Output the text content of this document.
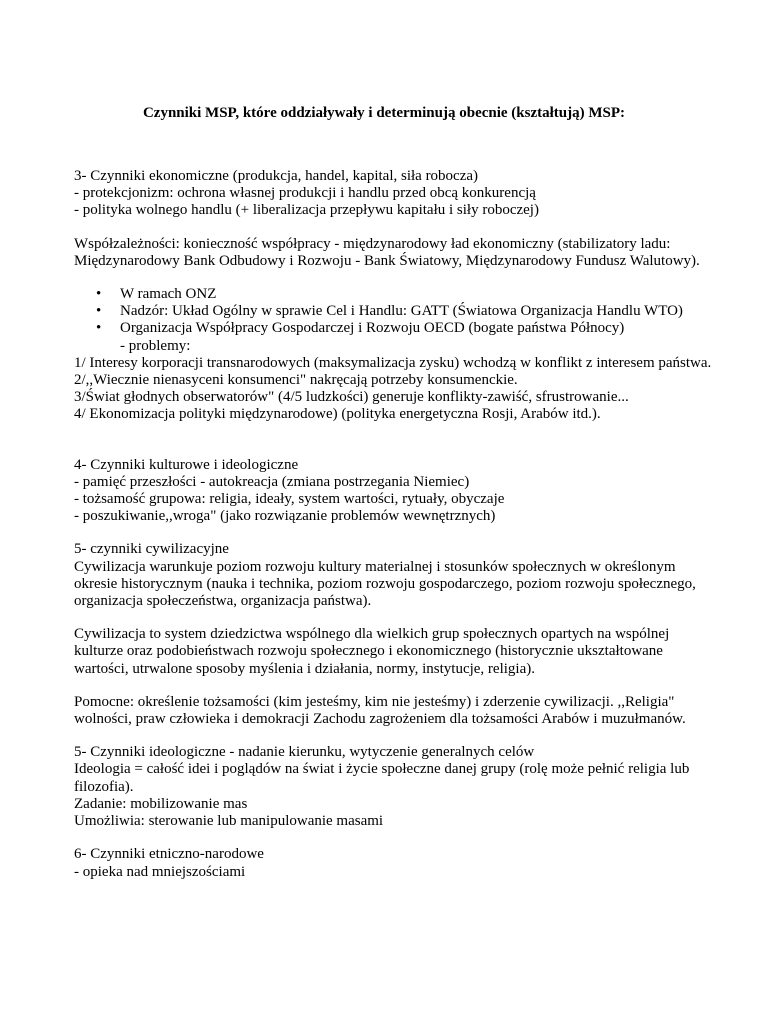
Czynniki MSP, które oddziaływały i determinują obecnie (kształtują) MSP:

3- Czynniki ekonomiczne (produkcja, handel, kapital, siła robocza)

- protekcjonizm: ochrona własnej produkcji i handlu przed obcą konkurencją

- polityka wolnego handlu (+ liberalizacja przepływu kapitału i siły roboczej)

Współzależności: konieczność współpracy - międzynarodowy ład ekonomiczny (stabilizatory ladu: Międzynarodowy Bank Odbudowy i Rozwoju - Bank Światowy, Międzynarodowy Fundusz Walutowy).

• W ramach ONZ
• Nadzór: Układ Ogólny w sprawie Cel i Handlu: GATT (Światowa Organizacja Handlu WTO)
• Organizacja Współpracy Gospodarczej i Rozwoju OECD (bogate państwa Północy)

- problemy:

1/ Interesy korporacji transnarodowych (maksymalizacja zysku) wchodzą w konflikt z interesem państwa.

2/,,Wiecznie nienasyceni konsumenci" nakręcają potrzeby konsumenckie.

3/Świat głodnych obserwatorów" (4/5 ludzkości) generuje konflikty-zawiść, sfrustrowanie...

4/ Ekonomizacja polityki międzynarodowe) (polityka energetyczna Rosji, Arabów itd.).

4- Czynniki kulturowe i ideologiczne

- pamięć przeszłości - autokreacja (zmiana postrzegania Niemiec)

- tożsamość grupowa: religia, ideały, system wartości, rytuały, obyczaje

- poszukiwanie,,wroga" (jako rozwiązanie problemów wewnętrznych)

5- czynniki cywilizacyjne

Cywilizacja warunkuje poziom rozwoju kultury materialnej i stosunków społecznych w określonym okresie historycznym (nauka i technika, poziom rozwoju gospodarczego, poziom rozwoju społecznego, organizacja społeczeństwa, organizacja państwa).

Cywilizacja to system dziedzictwa wspólnego dla wielkich grup społecznych opartych na wspólnej kulturze oraz podobieństwach rozwoju społecznego i ekonomicznego (historycznie ukształtowane wartości, utrwalone sposoby myślenia i działania, normy, instytucje, religia).

Pomocne: określenie tożsamości (kim jesteśmy, kim nie jesteśmy) i zderzenie cywilizacji. ,,Religia" wolności, praw człowieka i demokracji Zachodu zagrożeniem dla tożsamości Arabów i muzułmanów.

5- Czynniki ideologiczne - nadanie kierunku, wytyczenie generalnych celów

Ideologia = całość idei i poglądów na świat i życie społeczne danej grupy (rolę może pełnić religia lub filozofia).

Zadanie: mobilizowanie mas

Umożliwia: sterowanie lub manipulowanie masami

6- Czynniki etniczno-narodowe

- opieka nad mniejszościami
